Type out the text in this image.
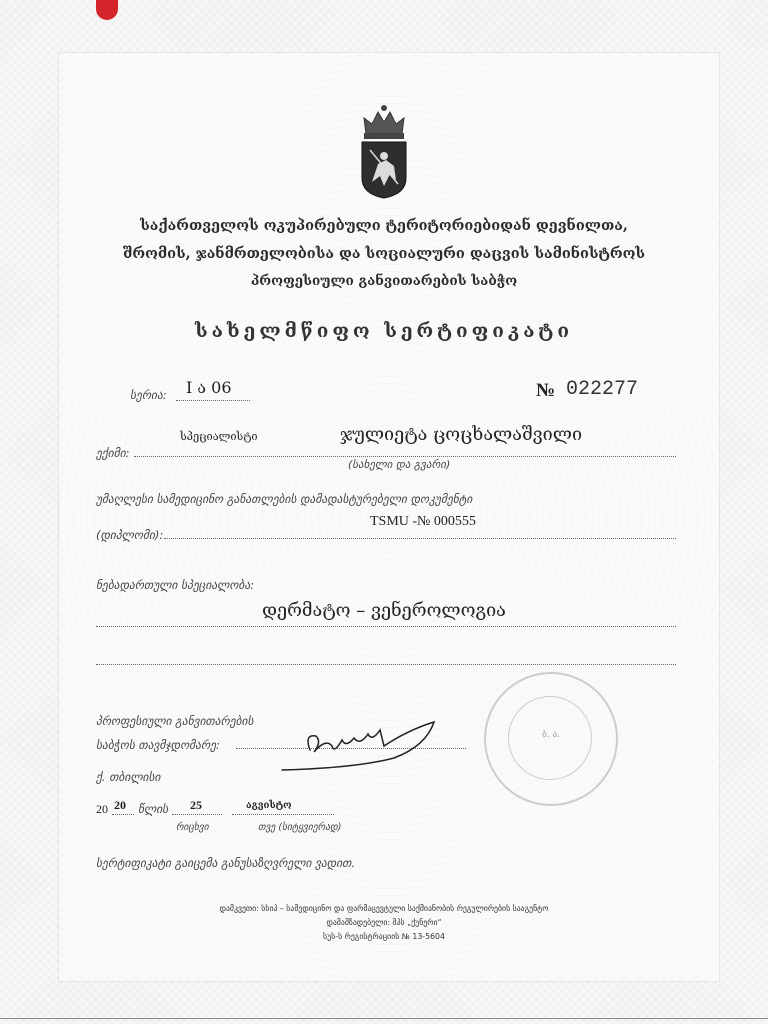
საქართველოს ოკუპირებული ტერიტორიებიდან დევნილთა,
შრომის, ჯანმრთელობისა და სოციალური დაცვის სამინისტროს
პროფესიული განვითარების საბჭო
სახელმწიფო სერტიფიკატი
სერია: I ა 06	№ 022277
სპეციალისტი	ჯულიეტა ცოცხალაშვილი
ექიმი:
(სახელი და გვარი)
უმაღლესი სამედიცინო განათლების დამადასტურებელი დოკუმენტი
TSMU -№ 000555
(დიპლომი):
ნებადართული სპეციალობა:
დერმატო – ვენეროლოგია
პროფესიული განვითარების
საბჭოს თავმჯდომარე:
ბ. ა.
ქ. თბილისი
20 20 წლის 25	აგვისტო
რიცხვი	თვე (სიტყვიერად)
სერტიფიკატი გაიცემა განუსაზღვრელი ვადით.
დამკვეთი: სსიპ – სამედიცინო და ფარმაცევტული საქმიანობის რეგულირების სააგენტო
დამამზადებელი: შპს „ქუნერი“
სუს-ს რეგისტრაციის № 13-5604
